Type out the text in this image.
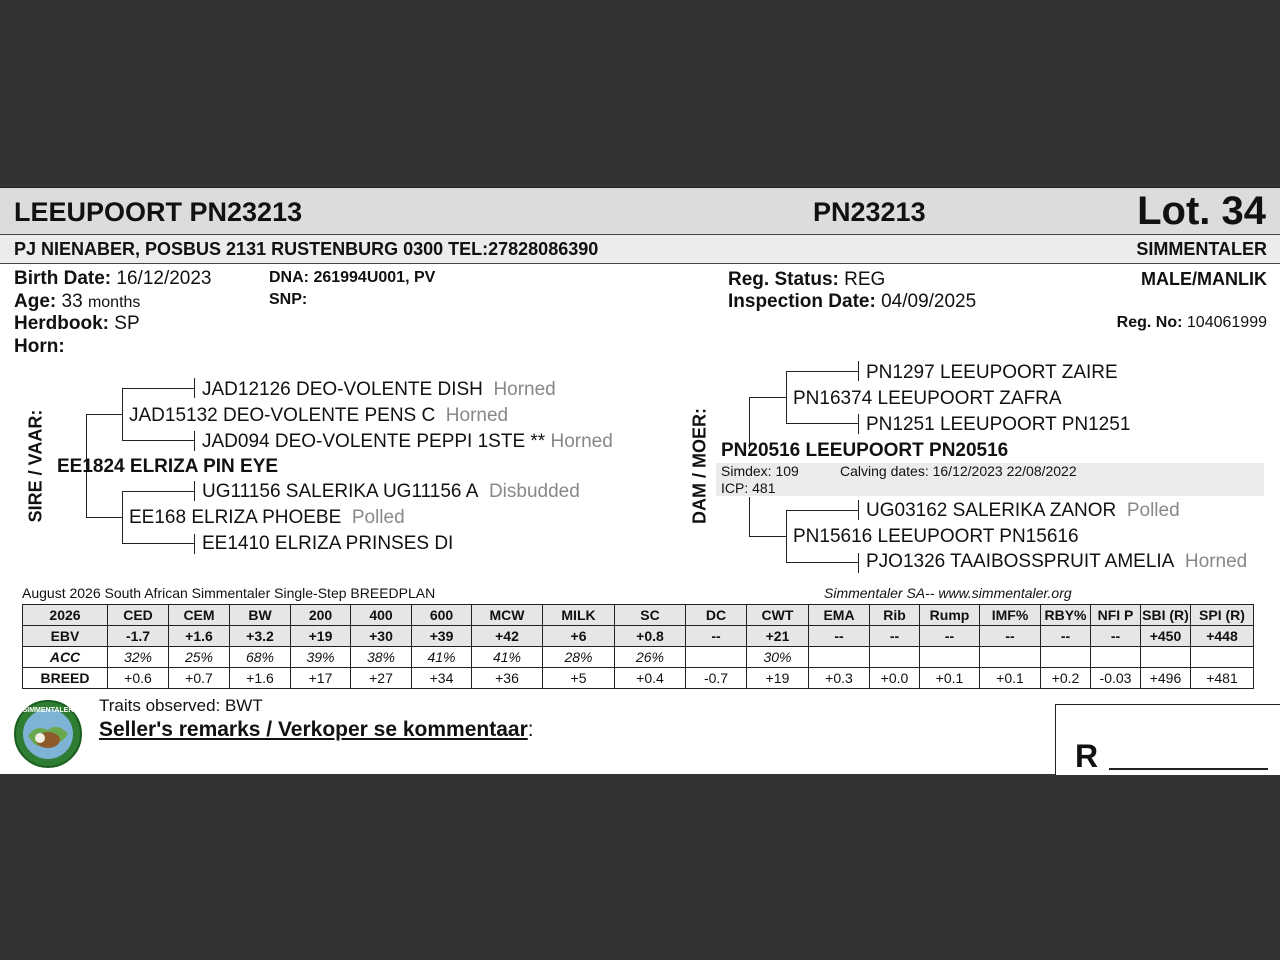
LEEUPOORT PN23213	PN23213	Lot. 34
PJ NIENABER, POSBUS 2131 RUSTENBURG 0300 TEL:27828086390	SIMMENTALER
Birth Date: 16/12/2023
Age: 33 months
Herdbook: SP
Horn:
DNA: 261994U001, PV
SNP:
Reg. Status: REG
Inspection Date: 04/09/2025
MALE/MANLIK
Reg. No: 104061999
SIRE / VAAR:
JAD12126 DEO-VOLENTE DISH Horned
JAD15132 DEO-VOLENTE PENS C Horned
JAD094 DEO-VOLENTE PEPPI 1STE ** Horned
EE1824 ELRIZA PIN EYE
UG11156 SALERIKA UG11156 A Disbudded
EE168 ELRIZA PHOEBE Polled
EE1410 ELRIZA PRINSES DI
DAM / MOER:
PN1297 LEEUPOORT ZAIRE
PN16374 LEEUPOORT ZAFRA
PN1251 LEEUPOORT PN1251
PN20516 LEEUPOORT PN20516
Simdex: 109	Calving dates: 16/12/2023 22/08/2022
ICP: 481
UG03162 SALERIKA ZANOR Polled
PN15616 LEEUPOORT PN15616
PJO1326 TAAIBOSSPRUIT AMELIA Horned
August 2026 South African Simmentaler Single-Step BREEDPLAN	Simmentaler SA-- www.simmentaler.org
2026	CED	CEM	BW	200	400	600	MCW	MILK	SC	DC	CWT	EMA	Rib	Rump	IMF%	RBY%	NFI P	SBI (R)	SPI (R)
EBV	-1.7	+1.6	+3.2	+19	+30	+39	+42	+6	+0.8	--	+21	--	--	--	--	--	--	+450	+448
ACC	32%	25%	68%	39%	38%	41%	41%	28%	26%		30%								
BREED	+0.6	+0.7	+1.6	+17	+27	+34	+36	+5	+0.4	-0.7	+19	+0.3	+0.0	+0.1	+0.1	+0.2	-0.03	+496	+481
SIMMENTALER Traits observed: BWT
Seller's remarks / Verkoper se kommentaar:
R
